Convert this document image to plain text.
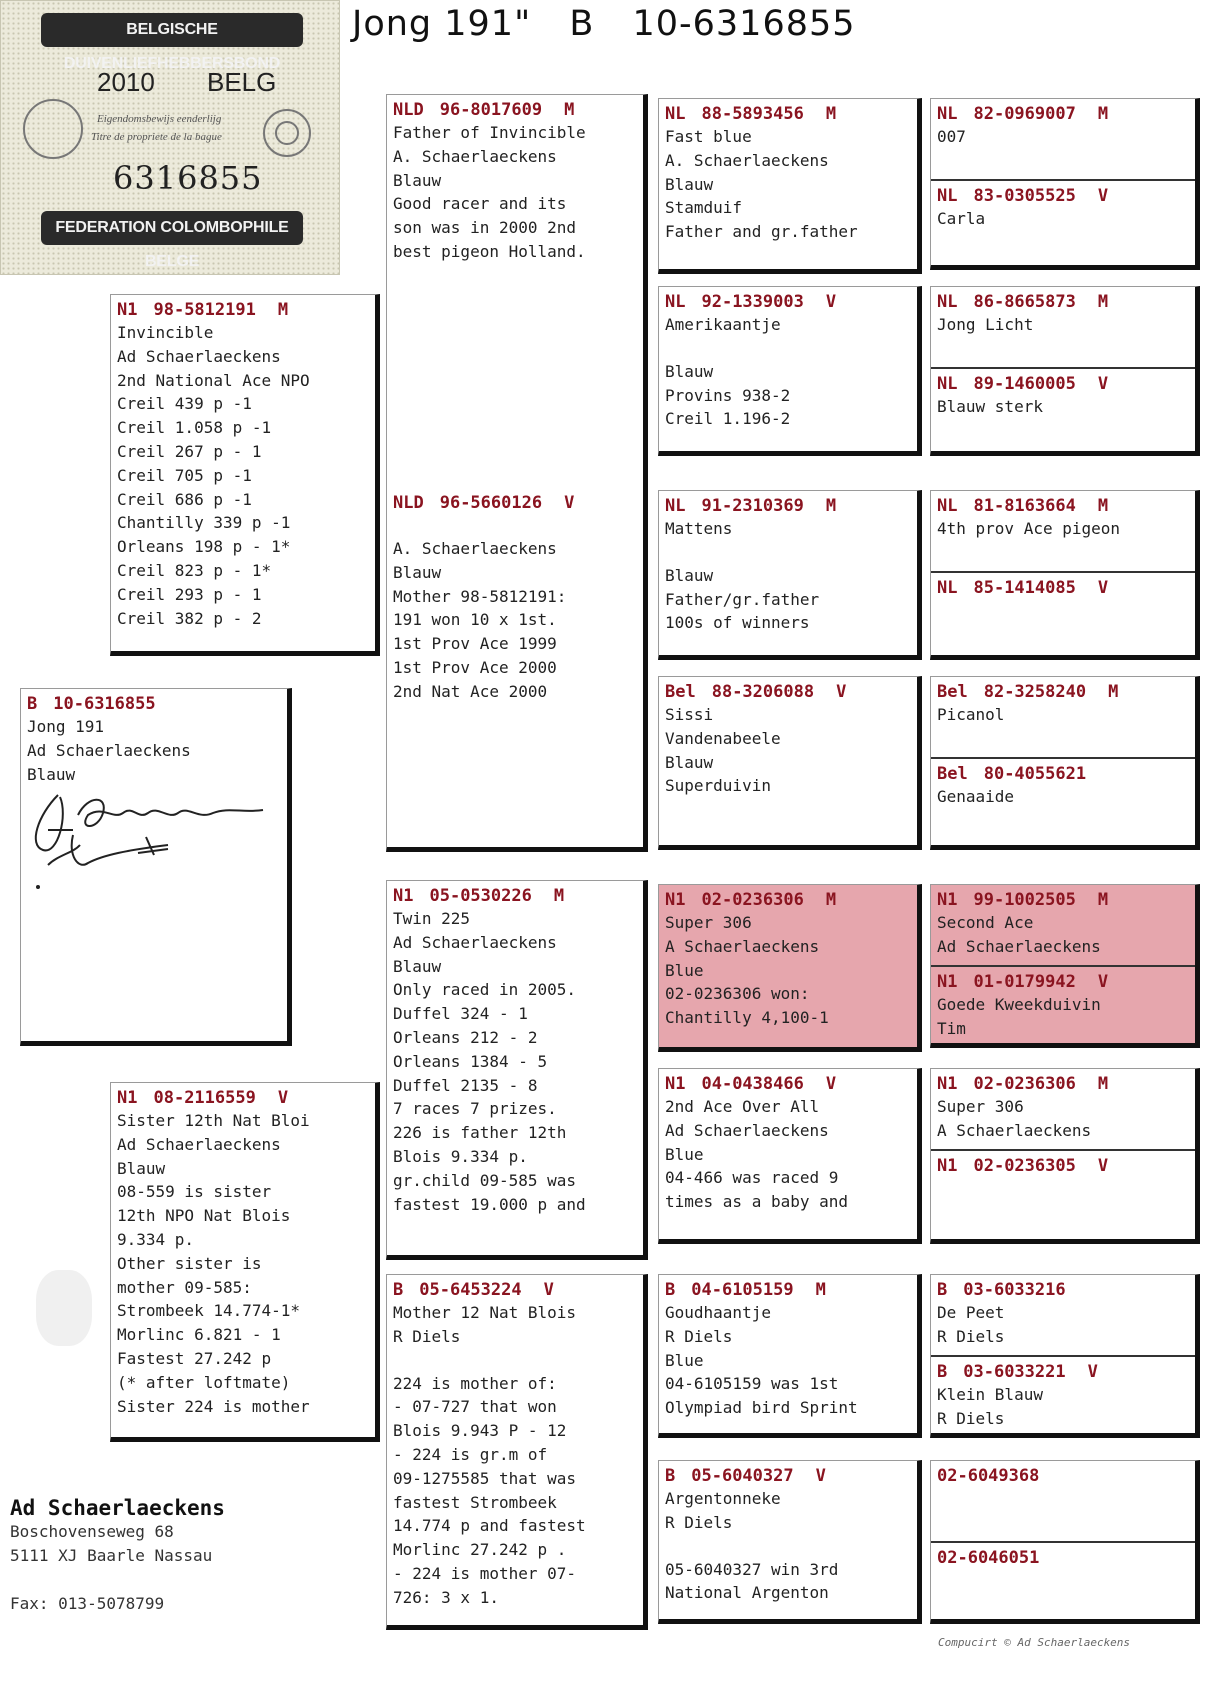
Jong 191" B 10-6316855
BELGISCHE DUIVENLIEFHEBBERSBOND
2010 BELG
Eigendomsbewijs eenderlijg
Titre de propriete de la bague
6316855
FEDERATION COLOMBOPHILE BELGE
B 10-6316855
Jong 191
Ad Schaerlaeckens
Blauw
N1 98-5812191 M
Invincible
Ad Schaerlaeckens
2nd National Ace NPO
Creil 439 p -1
Creil 1.058 p -1
Creil 267 p - 1
Creil 705 p -1
Creil 686 p -1
Chantilly 339 p -1
Orleans 198 p - 1*
Creil 823 p - 1*
Creil 293 p - 1
Creil 382 p - 2
N1 08-2116559 V
Sister 12th Nat Bloi
Ad Schaerlaeckens
Blauw
08-559 is sister
12th NPO Nat Blois
9.334 p.
Other sister is
mother 09-585:
Strombeek 14.774-1*
Morlinc 6.821 - 1
Fastest 27.242 p
(* after loftmate)
Sister 224 is mother
NLD 96-8017609 M
Father of Invincible
A. Schaerlaeckens
Blauw
Good racer and its
son was in 2000 2nd
best pigeon Holland.
NLD 96-5660126 V
A. Schaerlaeckens
Blauw
Mother 98-5812191:
191 won 10 x 1st.
1st Prov Ace 1999
1st Prov Ace 2000
2nd Nat Ace 2000
N1 05-0530226 M
Twin 225
Ad Schaerlaeckens
Blauw
Only raced in 2005.
Duffel 324 - 1
Orleans 212 - 2
Orleans 1384 - 5
Duffel 2135 - 8
7 races 7 prizes.
226 is father 12th
Blois 9.334 p.
gr.child 09-585 was
fastest 19.000 p and
B 05-6453224 V
Mother 12 Nat Blois
R Diels
224 is mother of:
- 07-727 that won
Blois 9.943 P - 12
- 224 is gr.m of
09-1275585 that was
fastest Strombeek
14.774 p and fastest
Morlinc 27.242 p .
- 224 is mother 07-
726: 3 x 1.
NL 88-5893456 M
Fast blue
A. Schaerlaeckens
Blauw
Stamduif
Father and gr.father
NL 92-1339003 V
Amerikaantje
Blauw
Provins 938-2
Creil 1.196-2
NL 91-2310369 M
Mattens
Blauw
Father/gr.father
100s of winners
Bel 88-3206088 V
Sissi
Vandenabeele
Blauw
Superduivin
N1 02-0236306 M
Super 306
A Schaerlaeckens
Blue
02-0236306 won:
Chantilly 4,100-1
N1 04-0438466 V
2nd Ace Over All
Ad Schaerlaeckens
Blue
04-466 was raced 9
times as a baby and
B 04-6105159 M
Goudhaantje
R Diels
Blue
04-6105159 was 1st
Olympiad bird Sprint
B 05-6040327 V
Argentonneke
R Diels
05-6040327 win 3rd
National Argenton
NL 82-0969007 M
007
NL 83-0305525 V
Carla
NL 86-8665873 M
Jong Licht
NL 89-1460005 V
Blauw sterk
NL 81-8163664 M
4th prov Ace pigeon
NL 85-1414085 V
Bel 82-3258240 M
Picanol
Bel 80-4055621
Genaaide
N1 99-1002505 M
Second Ace
Ad Schaerlaeckens
N1 01-0179942 V
Goede Kweekduivin
Tim
N1 02-0236306 M
Super 306
A Schaerlaeckens
N1 02-0236305 V
B 03-6033216
De Peet
R Diels
B 03-6033221 V
Klein Blauw
R Diels
02-6049368
02-6046051
Ad Schaerlaeckens
Boschovenseweg 68
5111 XJ Baarle Nassau
Fax: 013-5078799
Compucirt © Ad Schaerlaeckens
